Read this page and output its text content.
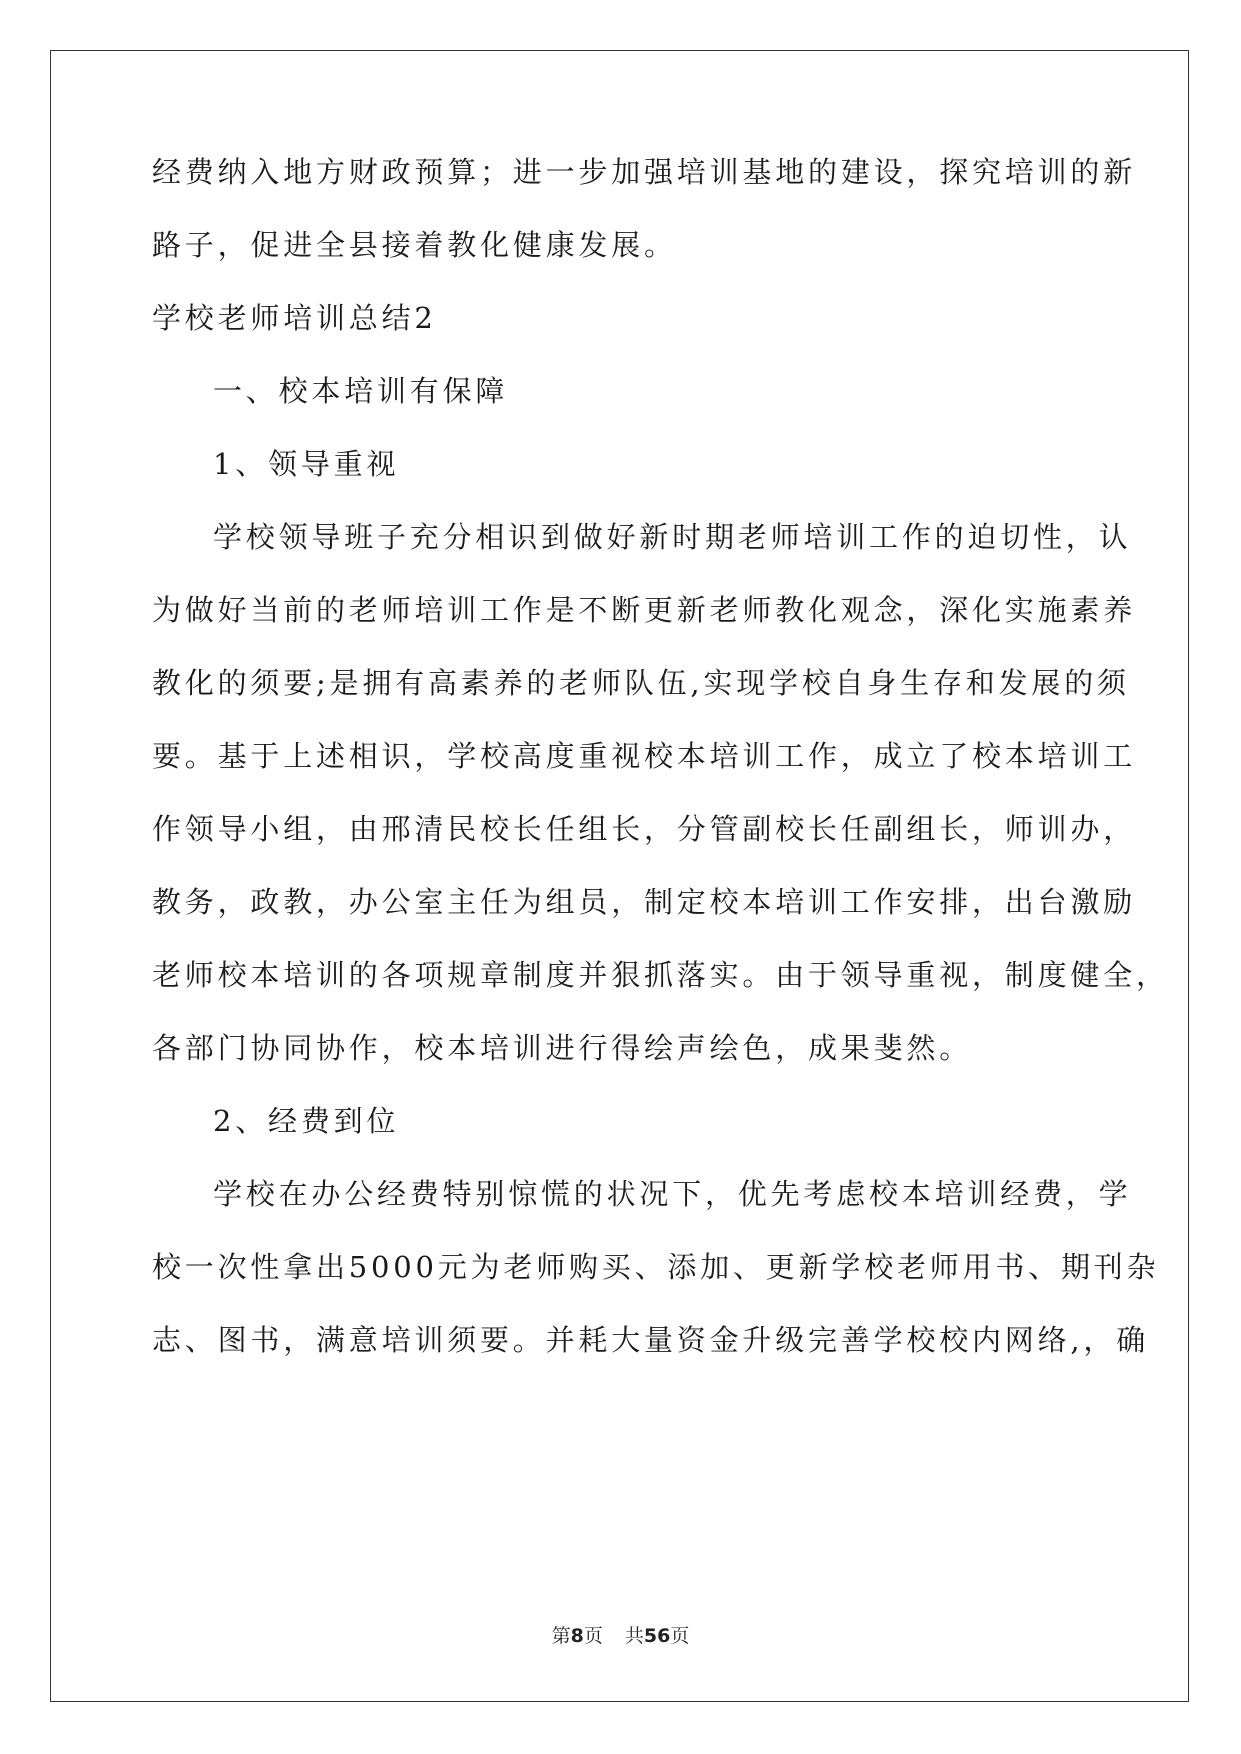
经费纳入地方财政预算；进一步加强培训基地的建设，探究培训的新
路子，促进全县接着教化健康发展。
学校老师培训总结2
一、校本培训有保障
1、领导重视
学校领导班子充分相识到做好新时期老师培训工作的迫切性，认
为做好当前的老师培训工作是不断更新老师教化观念，深化实施素养
教化的须要;是拥有高素养的老师队伍,实现学校自身生存和发展的须
要。基于上述相识，学校高度重视校本培训工作，成立了校本培训工
作领导小组，由邢清民校长任组长，分管副校长任副组长，师训办，
教务，政教，办公室主任为组员，制定校本培训工作安排，出台激励
老师校本培训的各项规章制度并狠抓落实。由于领导重视，制度健全，
各部门协同协作，校本培训进行得绘声绘色，成果斐然。
2、经费到位
学校在办公经费特别惊慌的状况下，优先考虑校本培训经费，学
校一次性拿出5000元为老师购买、添加、更新学校老师用书、期刊杂
志、图书，满意培训须要。并耗大量资金升级完善学校校内网络,，确
第8页 共56页
